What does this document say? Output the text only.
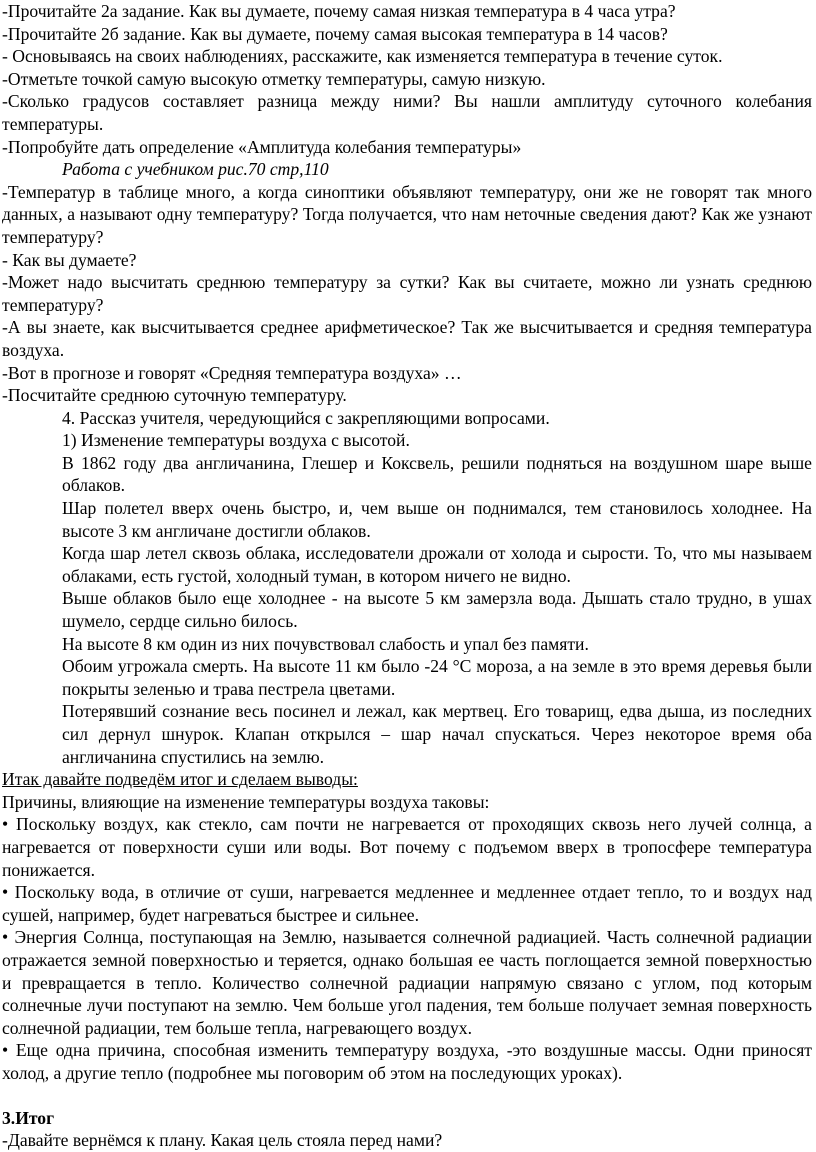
-Прочитайте 2а задание. Как вы думаете, почему самая низкая температура в 4 часа утра?

-Прочитайте 2б задание. Как вы думаете, почему самая высокая температура в 14 часов?

- Основываясь на своих наблюдениях, расскажите, как изменяется температура в течение суток.

-Отметьте точкой самую высокую отметку температуры, самую низкую.

-Сколько градусов составляет разница между ними? Вы нашли амплитуду суточного колебания температуры.

-Попробуйте дать определение «Амплитуда колебания температуры»

Работа с учебником рис.70 стр,110

-Температур в таблице много, а когда синоптики объявляют температуру, они же не говорят так много данных, а называют одну температуру? Тогда получается, что нам неточные сведения дают? Как же узнают температуру?

- Как вы думаете?

-Может надо высчитать среднюю температуру за сутки? Как вы считаете, можно ли узнать среднюю температуру?

-А вы знаете, как высчитывается среднее арифметическое? Так же высчитывается и средняя температура воздуха.

-Вот в прогнозе и говорят «Средняя температура воздуха» …

-Посчитайте среднюю суточную температуру.

4. Рассказ учителя, чередующийся с закрепляющими вопросами.

1) Изменение температуры воздуха с высотой.

В 1862 году два англичанина, Глешер и Коксвель, решили подняться на воздушном шаре выше облаков.

Шар полетел вверх очень быстро, и, чем выше он поднимался, тем становилось холоднее. На высоте 3 км англичане достигли облаков.

Когда шар летел сквозь облака, исследователи дрожали от холода и сырости. То, что мы называем облаками, есть густой, холодный туман, в котором ничего не видно.

Выше облаков было еще холоднее - на высоте 5 км замерзла вода. Дышать стало трудно, в ушах шумело, сердце сильно билось.

На высоте 8 км один из них почувствовал слабость и упал без памяти.

Обоим угрожала смерть. На высоте 11 км было -24 °С мороза, а на земле в это время деревья были покрыты зеленью и трава пестрела цветами.

Потерявший сознание весь посинел и лежал, как мертвец. Его товарищ, едва дыша, из последних сил дернул шнурок. Клапан открылся – шар начал спускаться. Через некоторое время оба англичанина спустились на землю.

Итак давайте подведём итог и сделаем выводы:

Причины, влияющие на изменение температуры воздуха таковы:

• Поскольку воздух, как стекло, сам почти не нагревается от проходящих сквозь него лучей солнца, а нагревается от поверхности суши или воды. Вот почему с подъемом вверх в тропосфере температура понижается.

• Поскольку вода, в отличие от суши, нагревается медленнее и медленнее отдает тепло, то и воздух над сушей, например, будет нагреваться быстрее и сильнее.

• Энергия Солнца, поступающая на Землю, называется солнечной радиацией. Часть солнечной радиации отражается земной поверхностью и теряется, однако большая ее часть поглощается земной поверхностью и превращается в тепло. Количество солнечной радиации напрямую связано с углом, под которым солнечные лучи поступают на землю. Чем больше угол падения, тем больше получает земная поверхность солнечной радиации, тем больше тепла, нагревающего воздух.

• Еще одна причина, способная изменить температуру воздуха, -это воздушные массы. Одни приносят холод, а другие тепло (подробнее мы поговорим об этом на последующих уроках).

3.Итог

-Давайте вернёмся к плану. Какая цель стояла перед нами?
